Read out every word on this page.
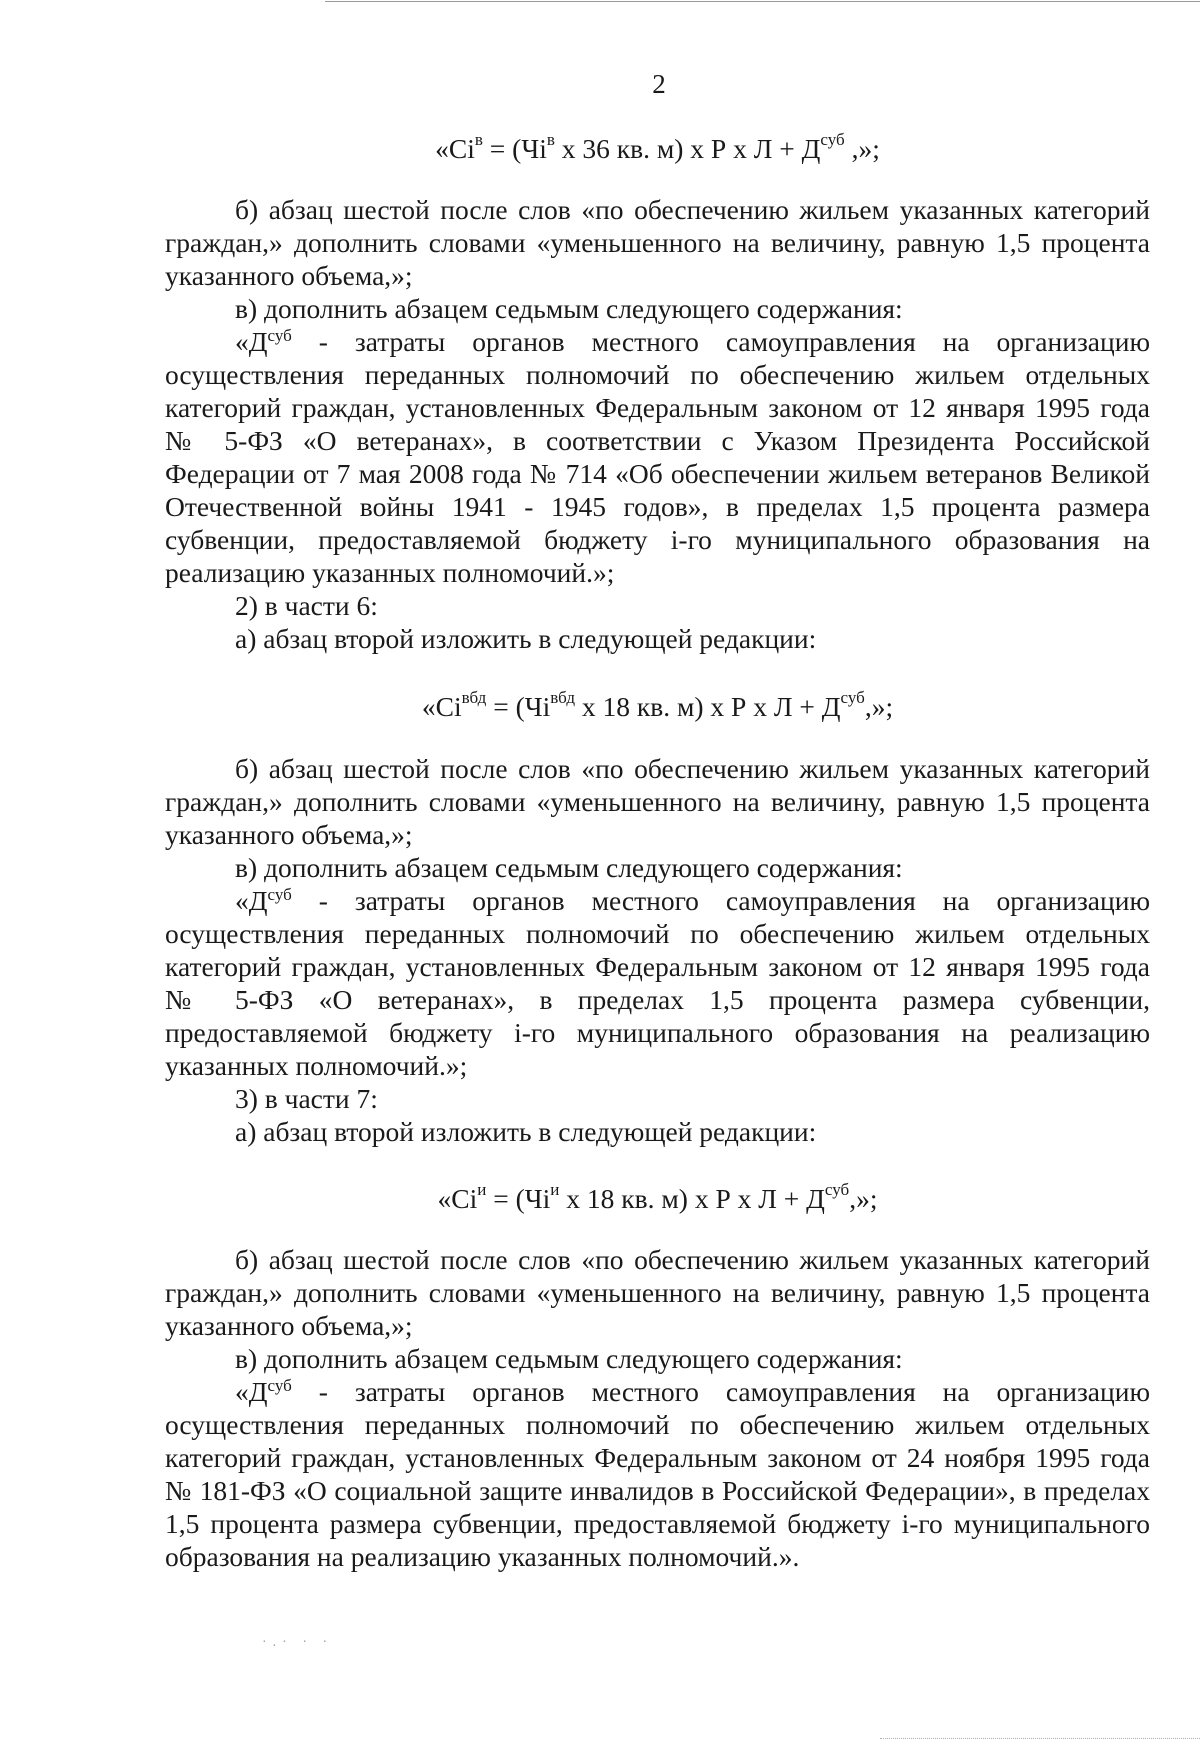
2
«$Ci^в = (Чi^в$ х 36 кв. м) х Р х $Л + Д^{суб}$ ,»;

б) абзац шестой после слов «по обеспечению жильем указанных категорий граждан,» дополнить словами «уменьшенного на величину, равную 1,5 процента указанного объема,»;

в) дополнить абзацем седьмым следующего содержания:

«$Д^{суб}$ - затраты органов местного самоуправления на организацию осуществления переданных полномочий по обеспечению жильем отдельных категорий граждан, установленных Федеральным законом от 12 января 1995 года № 5-ФЗ «О ветеранах», в соответствии с Указом Президента Российской Федерации от 7 мая 2008 года № 714 «Об обеспечении жильем ветеранов Великой Отечественной войны 1941 - 1945 годов», в пределах 1,5 процента размера субвенции, предоставляемой бюджету i-го муниципального образования на реализацию указанных полномочий.»;

2) в части 6:

а) абзац второй изложить в следующей редакции:

«$Ci^{вбд} = (Чi^{вбд}$ х 18 кв. м) х Р х $Л + Д^{суб}$,»;

б) абзац шестой после слов «по обеспечению жильем указанных категорий граждан,» дополнить словами «уменьшенного на величину, равную 1,5 процента указанного объема,»;

в) дополнить абзацем седьмым следующего содержания:

«$Д^{суб}$ - затраты органов местного самоуправления на организацию осуществления переданных полномочий по обеспечению жильем отдельных категорий граждан, установленных Федеральным законом от 12 января 1995 года № 5-ФЗ «О ветеранах», в пределах 1,5 процента размера субвенции, предоставляемой бюджету i-го муниципального образования на реализацию указанных полномочий.»;

3) в части 7:

а) абзац второй изложить в следующей редакции:

«$Ci^и = (Чi^и$ х 18 кв. м) х Р х $Л + Д^{суб}$,»;

б) абзац шестой после слов «по обеспечению жильем указанных категорий граждан,» дополнить словами «уменьшенного на величину, равную 1,5 процента указанного объема,»;

в) дополнить абзацем седьмым следующего содержания:

«$Д^{суб}$ - затраты органов местного самоуправления на организацию осуществления переданных полномочий по обеспечению жильем отдельных категорий граждан, установленных Федеральным законом от 24 ноября 1995 года № 181-ФЗ «О социальной защите инвалидов в Российской Федерации», в пределах 1,5 процента размера субвенции, предоставляемой бюджету i-го муниципального образования на реализацию указанных полномочий.».

·.· · ·
